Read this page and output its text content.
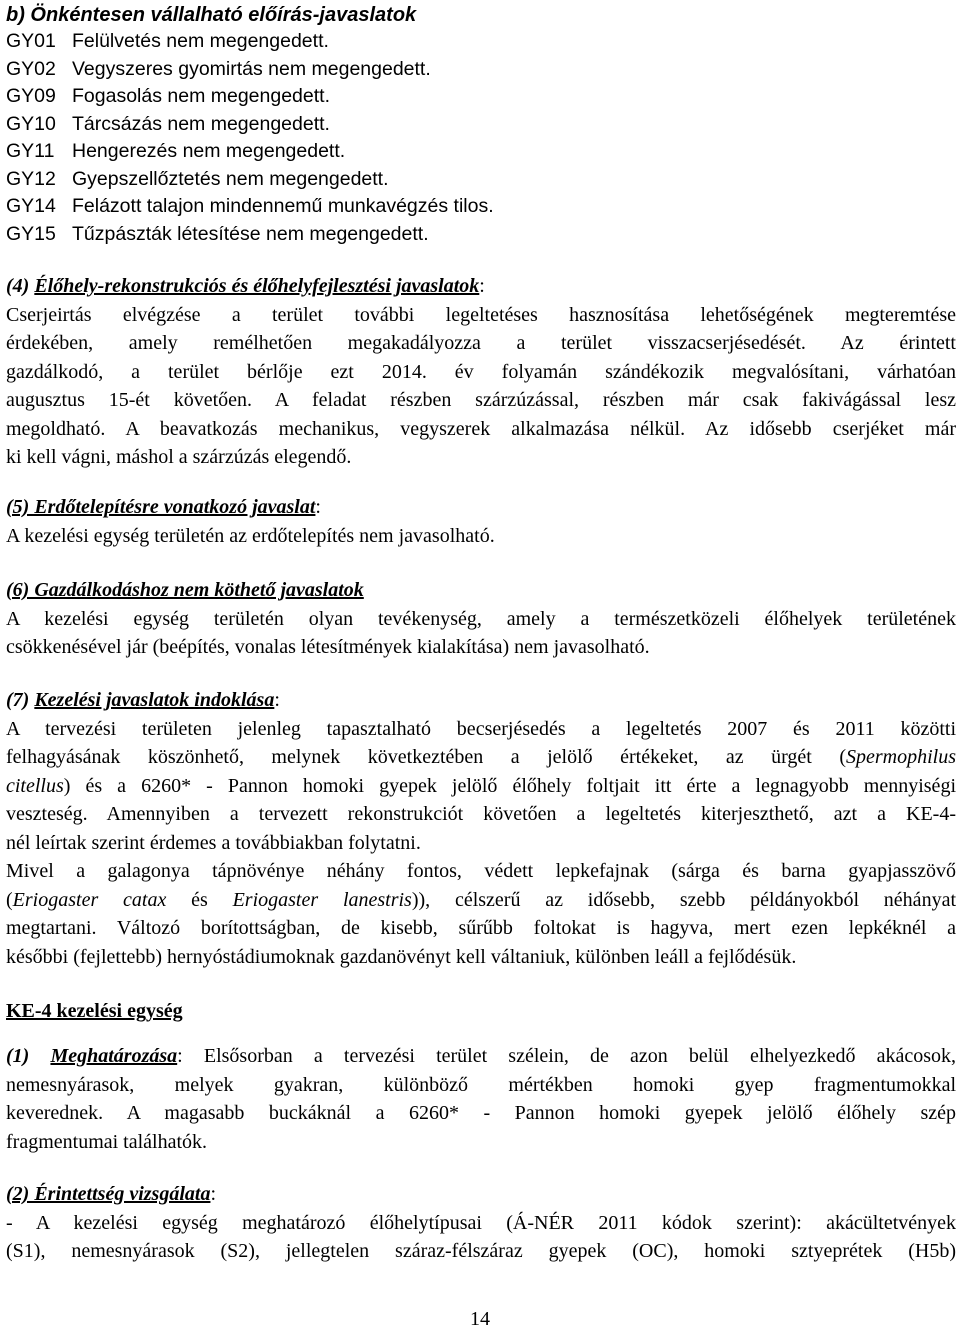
b) Önkéntesen vállalható előírás-javaslatok
GY01 Felülvetés nem megengedett.
GY02 Vegyszeres gyomirtás nem megengedett.
GY09 Fogasolás nem megengedett.
GY10 Tárcsázás nem megengedett.
GY11 Hengerezés nem megengedett.
GY12 Gyepszellőztetés nem megengedett.
GY14 Felázott talajon mindennemű munkavégzés tilos.
GY15 Tűzpászták létesítése nem megengedett.

(4) Élőhely-rekonstrukciós és élőhelyfejlesztési javaslatok:
Cserjeirtás elvégzése a terület további legeltetéses hasznosítása lehetőségének megteremtése
érdekében, amely remélhetően megakadályozza a terület visszacserjésedését. Az érintett
gazdálkodó, a terület bérlője ezt 2014. év folyamán szándékozik megvalósítani, várhatóan
augusztus 15-ét követően. A feladat részben szárzúzással, részben már csak fakivágással lesz
megoldható. A beavatkozás mechanikus, vegyszerek alkalmazása nélkül. Az idősebb cserjéket már
ki kell vágni, máshol a szárzúzás elegendő.

(5) Erdőtelepítésre vonatkozó javaslat:
A kezelési egység területén az erdőtelepítés nem javasolható.

(6) Gazdálkodáshoz nem köthető javaslatok
A kezelési egység területén olyan tevékenység, amely a természetközeli élőhelyek területének
csökkenésével jár (beépítés, vonalas létesítmények kialakítása) nem javasolható.

(7) Kezelési javaslatok indoklása:
A tervezési területen jelenleg tapasztalható becserjésedés a legeltetés 2007 és 2011 közötti
felhagyásának köszönhető, melynek következtében a jelölő értékeket, az ürgét (Spermophilus
citellus) és a 6260* - Pannon homoki gyepek jelölő élőhely foltjait itt érte a legnagyobb mennyiségi
veszteség. Amennyiben a tervezett rekonstrukciót követően a legeltetés kiterjeszthető, azt a KE-4-
nél leírtak szerint érdemes a továbbiakban folytatni.
Mivel a galagonya tápnövénye néhány fontos, védett lepkefajnak (sárga és barna gyapjasszövő
(Eriogaster catax és Eriogaster lanestris)), célszerű az idősebb, szebb példányokból néhányat
megtartani. Változó borítottságban, de kisebb, sűrűbb foltokat is hagyva, mert ezen lepkéknél a
későbbi (fejlettebb) hernyóstádiumoknak gazdanövényt kell váltaniuk, különben leáll a fejlődésük.

KE-4 kezelési egység

(1) Meghatározása: Elsősorban a tervezési terület szélein, de azon belül elhelyezkedő akácosok,
nemesnyárasok, melyek gyakran, különböző mértékben homoki gyep fragmentumokkal
keverednek. A magasabb buckáknál a 6260* - Pannon homoki gyepek jelölő élőhely szép
fragmentumai találhatók.

(2) Érintettség vizsgálata:
- A kezelési egység meghatározó élőhelytípusai (Á-NÉR 2011 kódok szerint): akácültetvények
(S1), nemesnyárasok (S2), jellegtelen száraz-félszáraz gyepek (OC), homoki sztyeprétek (H5b)

14
